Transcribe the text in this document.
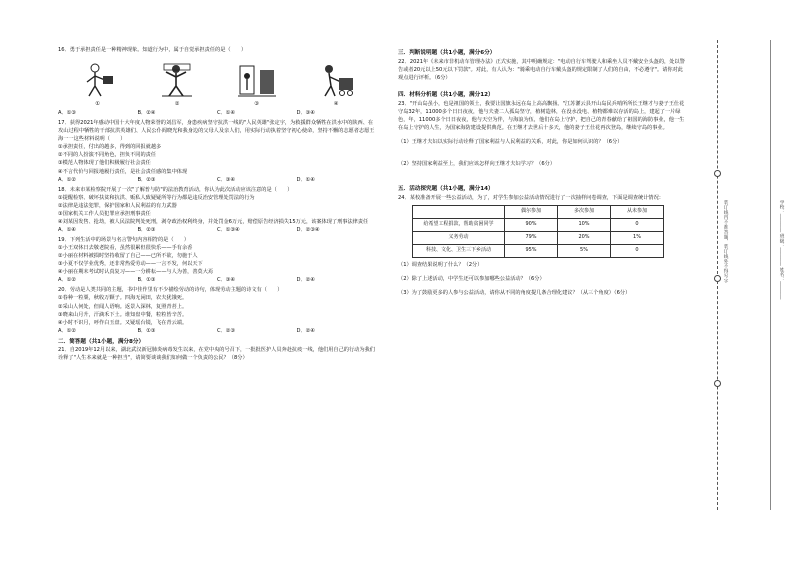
16．勇于承担责任是一种精神现象。知道行为中，属于自觉承担责任的是（　　）

①	②	③	④
A．①③	B．②④	C．①④	D．③④

17．获得2021年感动中国十大年度人物荣誉的刘昌军，身患疾病坚守抗洪一线的"人民英雄"张定宇，为救援群众牺牲在洪水中的陕西、在攻山过程中牺牲的干部抗洪英雄们、人民公仆阎晓光和我身边的父母人及亲人们，用实际行动执着坚守初心使命，坚持不懈的志愿者志愿王海一一这些材料说明（　　）

①承担责任，付出的越多，得到的回报就越多

②不同的人扮演不同角色，担负不同的责任

③模范人物体现了他们积极履行社会责任

④不言代价与回报地履行责任，是社会责任感的集中体现

A．①②	B．②③	C．③④	D．①④

18．未来市某检察院开展了一次"了解普与防"的法治教育活动，你认为此次活动应该注意的是（　　）

①提醒检察、破坏扶贫和抗洪、贩私人致疑疑所等行为都是违反治安管理处罚法的行为

②法律是违法犯罪，保护国家和人民利益的有力武器

③国家机关工作人员犯罪应承担刑事责任

④刘某因发售、抢劫，被人民法院判处死刑，剥夺政治权利终身，并处罚金6万元，赔偿原告经济损失15万元，该案体现了刑事法律责任

A．①④	B．②③	C．①③④	D．②③④

19．下列生活中的场景与名言警句内容相符的是（　　）

①小王双休日去敬老院看，虽然很累但很快乐——手有余香

②小丽在材料被损时坚持收留了自己——已所不欲，勿施于人

③小夏不仅学业优秀，还非常热爱劳动——一言不发，何以天下

④小丽在期末考试时认真复习——一分耕耘——与人为善，善莫大焉

A．①②	B．①③	C．③④	D．②④

20．劳动是人类共同的主题，书中佳作里有不少描绘劳动的诗句，体现劳动主题的诗文有（　　）

①春种一粒粟，秋收万颗子。四海无闲田，农夫犹饿死。

②采山人何处，但闻人语响。返景入深林，复照青苔上。

③晓来山月升，汗滴禾下土。谁知盘中餐，粒粒皆辛苦。

④小时不识月，呼作白玉盘。又疑瑶台镜，飞在青云端。

A．①②	B．①③	C．②③	D．②④

二．简答题（共1小题，满分8分）

21．自2019年12月以来，湖北武汉新冠肺炎病毒发生以来，在党中央的号召下，一批批医护人员奔赴抗疫一线，他们用自己的行动为我们诠释了"人生本来就是一种担当"，请简要谈谈我们如何做一个负责的公民？（8分）

三．判断说明题（共1小题，满分6分）

22．2021年《未来市非机动车管理办法》正式实施，其中明确规定："电动自行车驾驶人和乘坐人员不戴安全头盔的，处以警告或者20元以上50元以下罚款"。对此，有人认为："骑乘电动自行车戴头盔的规定限制了人们的自由，不必遵守"。请你对此观点进行评析。（6分）

四．材料分析题（共1小题，满分12）

23．"开山岛虽小，也是祖国的领土，我要让国旗永远在岛上高高飘扬。"江苏灌云县开山岛民兵哨所所长王继才与妻子王仕花守岛32年，11000多个日日夜夜，他与夫妻二人孤岛坚守，植树造林，在没水没电、植物都难以存活的岛上，建起了一片绿色，年，11000多个日日夜夜，他与天空为伴，与海浪为伍，他们在岛上守护，把自己的青春献给了祖国的海防事业，他一生在岛上守护的人生，为国家海防建设提供典范。在王继才去世后十多天，他的妻子王仕花再次登岛，继续守岛的事业。

（1）王继才夫妇以实际行动诠释了国家利益与人民利益的关系，对此，你是如何认识的？（6分）

（2）坚持国家利益至上，我们应该怎样向王继才夫妇学习？（6分）

五．活动探究题（共1小题，满分14）

24．某校准备开展一些公益活动，为了，对学生参加公益活动情况进行了一次抽样问卷调查，下面是调查统计情况：

	偶尔参加	多次参加	从未参加
给希望工程捐款，帮助贫困同学	90%	10%	0
义务劳动	79%	20%	1%
科技、文化、卫生三下乡活动	95%	5%	0

（1）调查结果说明了什么？（2分）

（2）除了上述活动，中学生还可以参加哪些公益活动？（6分）

（3）为了鼓励更多的人参与公益活动，请你从不同的角度提几条合理化建议？（从三个角度）（6分）

装订线内不准答题，装订线外不得写字	学校：________ 班级：________ 姓名：________
